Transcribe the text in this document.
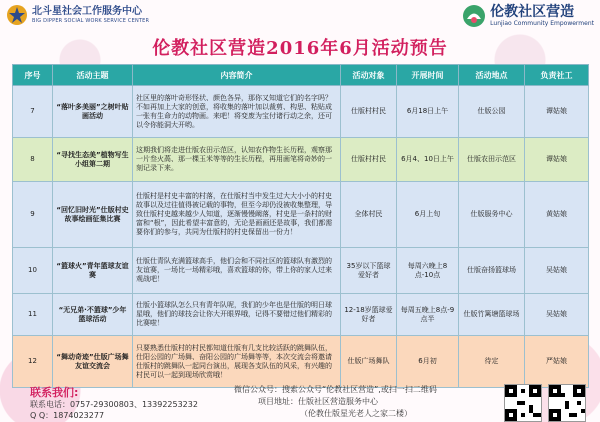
北斗星社会工作服务中心
BIG DIPPER SOCIAL WORK SERVICE CENTER
伦教社区营造
Lunjiao Community Empowerment
伦教社区营造2016年6月活动预告
序号	活动主题	内容简介	活动对象	开展时间	活动地点	负责社工
7	“落叶多美丽”之树叶贴画活动	社区里的落叶奇形怪状、颜色各异，那你又知道它们的名字吗？不如再加上大家的创意，将收集的落叶加以裁剪、构思、粘贴成一张有生命力的动物画。来吧！将变废为宝付诸行动之余，还可以令你能洞大开哟。	仕版村村民	6月18日上午	仕版公园	谭姑娘
8	“寻找生态美”植物写生小组第二期	这期我们将走进仕版农田示范区，认知农作物生长历程，观察那一片叁火萵、那一棵玉米等等的生长历程，再用画笔将奇妙的一刻记录下来。	仕版村村民	6月4、10日上午	仕版农田示范区	谭姑娘
9	“回忆旧时光”仕版村史故事绘画征集比赛	仕版村是村史丰富的村落，在仕版村当中发生过大大小小的村史故事以及过往值得被记载的事物，但至今却仍没被收集整理，导致仕版村史越来越少人知道，逐渐慢慢阚落，村史是一条村的财富和“根”，因此希望丰富意的，无论是画画还是故事，我们都需要你们的参与，共同为仕版村的村史保留出一份力！	全体村民	6月上旬	仕版服务中心	黄姑娘
10	“篮球火”青年篮球友谊赛	仕版仕青队充满篮球高手，他们会和不同社区的篮球队有激烈的友谊赛，一场比一场精彩哦，喜欢篮球的你，带上你的家人过来观战吧！	35岁以下篮球爱好者	每周六晚上8点-10点	仕版奋扬篮球场	吴姑娘
11	“无兄弟·不篮球”少年篮球活动	仕版小篮球队怎么只有青年队呢，我们的少年也是仕版的明日球星哦，他们的球技会让你大开眼界哦，记得不要错过他们精彩的比赛啦！	12-18岁篮球爱好者	每周五晚上8点-9点半	仕版竹篱塘篮球场	吴姑娘
12	“舞动奇迹”仕版广场舞友谊交流会	只要熟悉仕版村的村民都知道仕版有几支比较活跃的跳舞队伍，仕阳公园的广场舞、奋阳公园的广场舞等等，本次交流会将邀请仕版村的跳舞队一起同台演出，展现各支队伍的风采，有兴趣的村民可以一起到现场欣赏哦！	仕版广场舞队	6月初	待定	严姑娘
联系我们:
联系电话：0757-29300803、13392253232
Q Q：1874023277
微信公众号：搜索公众号“伦教社区营造”,或扫一扫二维码
项目地址：仕版社区营造服务中心
（伦教仕版星光老人之家二楼）
